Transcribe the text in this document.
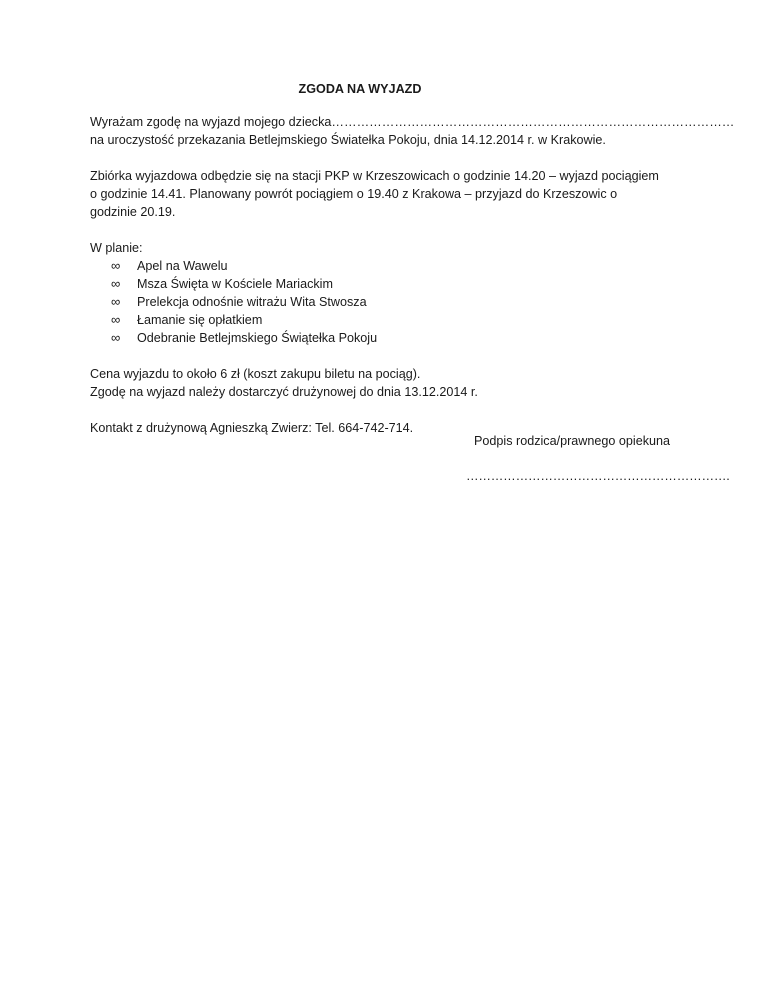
ZGODA NA WYJAZD
Wyrażam zgodę na wyjazd mojego dziecka……………………………………………………………………………………
na uroczystość przekazania Betlejmskiego Światełka Pokoju, dnia 14.12.2014 r. w Krakowie.
Zbiórka wyjazdowa odbędzie się na stacji PKP w Krzeszowicach o godzinie 14.20 – wyjazd pociągiem
o godzinie 14.41. Planowany powrót pociągiem o 19.40 z Krakowa – przyjazd do Krzeszowic o
godzinie 20.19.
W planie:
∞	Apel na Wawelu
∞	Msza Święta w Kościele Mariackim
∞	Prelekcja odnośnie witrażu Wita Stwosza
∞	Łamanie się opłatkiem
∞	Odebranie Betlejmskiego Świątełka Pokoju
Cena wyjazdu to około 6 zł (koszt zakupu biletu na pociąg).
Zgodę na wyjazd należy dostarczyć drużynowej do dnia 13.12.2014 r.
Kontakt z drużynową Agnieszką Zwierz: Tel. 664-742-714.
Podpis rodzica/prawnego opiekuna
……………………………………………………….
